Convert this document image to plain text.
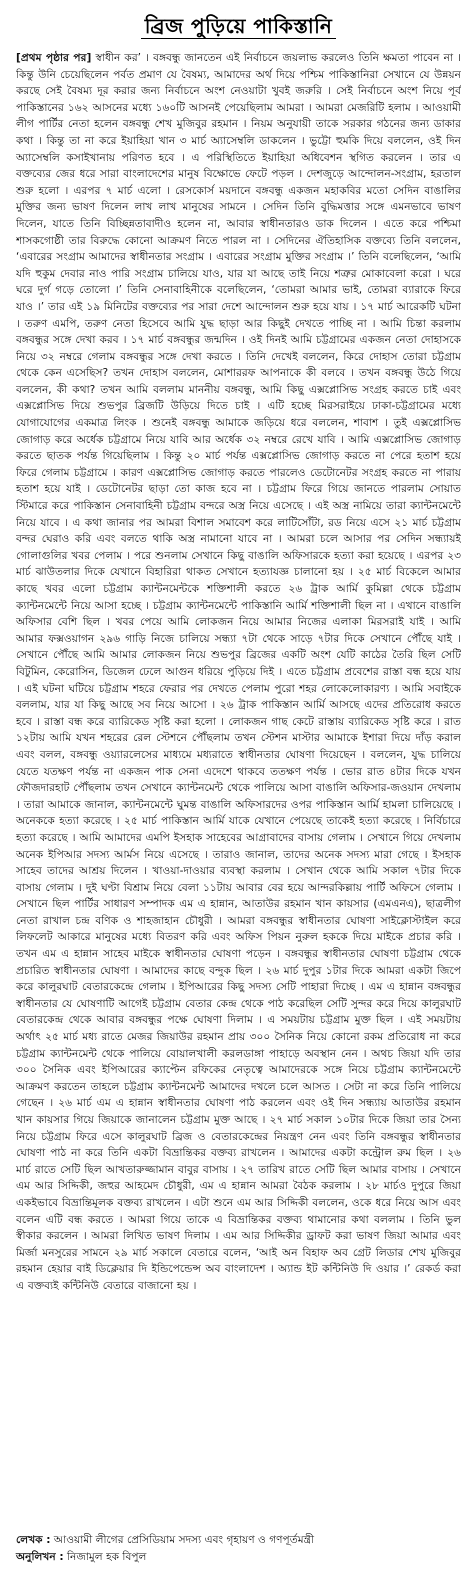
ব্রিজ পুড়িয়ে পাকিস্তানি

[প্রথম পৃষ্ঠার পর] স্বাধীন কর’ । বঙ্গবন্ধু জানতেন এই নির্বাচনে জয়লাভ করলেও তিনি ক্ষমতা পাবেন না । কিন্তু উনি চেয়েছিলেন পর্বত প্রমাণ যে বৈষম্য, আমাদের অর্থ দিয়ে পশ্চিম পাকিস্তানিরা সেখানে যে উন্নয়ন করছে সেই বৈষম্য দূর করার জন্য নির্বাচনে অংশ নেওয়াটা খুবই জরুরি । সেই নির্বাচনে অংশ নিয়ে পূর্ব পাকিস্তানের ১৬২ আসনের মধ্যে ১৬০টি আসনই পেয়েছিলাম আমরা । আমরা মেজরিটি হলাম । আওয়ামী লীগ পার্টির নেতা হলেন বঙ্গবন্ধু শেখ মুজিবুর রহমান । নিয়ম অনুযায়ী তাকে সরকার গঠনের জন্য ডাকার কথা । কিন্তু তা না করে ইয়াহিয়া খান ৩ মার্চ অ্যাসেম্বলি ডাকলেন । ভুট্টো হুমকি দিয়ে বললেন, ওই দিন অ্যাসেম্বলি কসাইখানায় পরিণত হবে । এ পরিস্থিতিতে ইয়াহিয়া অধিবেশন স্থগিত করলেন । তার এ বক্তব্যের জের ধরে সারা বাংলাদেশের মানুষ বিক্ষোভে ফেটে পড়ল । দেশজুড়ে আন্দোলন-সংগ্রাম, হরতাল শুরু হলো । এরপর ৭ মার্চ এলো । রেসকোর্স ময়দানে বঙ্গবন্ধু একজন মহাকবির মতো সেদিন বাঙালির মুক্তির জন্য ভাষণ দিলেন লাখ লাখ মানুষের সামনে । সেদিন তিনি বুদ্ধিমত্তার সঙ্গে এমনভাবে ভাষণ দিলেন, যাতে তিনি বিচ্ছিন্নতাবাদীও হলেন না, আবার স্বাধীনতারও ডাক দিলেন । এতে করে পশ্চিমা শাসকগোষ্ঠী তার বিরুদ্ধে কোনো আক্রমণ নিতে পারল না । সেদিনের ঐতিহাসিক বক্তব্যে তিনি বললেন, ‘এবারের সংগ্রাম আমাদের স্বাধীনতার সংগ্রাম । এবারের সংগ্রাম মুক্তির সংগ্রাম ।’ তিনি বলেছিলেন, ‘আমি যদি হুকুম দেবার নাও পারি সংগ্রাম চালিয়ে যাও, যার যা আছে তাই নিয়ে শত্রুর মোকাবেলা করো । ঘরে ঘরে দুর্গ গড়ে তোলো ।’ তিনি সেনাবাহিনীকে বলেছিলেন, ‘তোমরা আমার ভাই, তোমরা ব্যারাকে ফিরে যাও ।’ তার এই ১৯ মিনিটের বক্তব্যের পর সারা দেশে আন্দোলন শুরু হয়ে যায় । ১৭ মার্চ আরেকটি ঘটনা । তরুণ এমপি, তরুণ নেতা হিসেবে আমি যুদ্ধ ছাড়া আর কিছুই দেখতে পাচ্ছি না । আমি চিন্তা করলাম বঙ্গবন্ধুর সঙ্গে দেখা করব । ১৭ মার্চ বঙ্গবন্ধুর জন্মদিন । ওই দিনই আমি চট্টগ্রামের একজন নেতা দোহাসকে নিয়ে ৩২ নম্বরে গেলাম বঙ্গবন্ধুর সঙ্গে দেখা করতে । তিনি দেখেই বললেন, কিরে দোহাস তোরা চট্টগ্রাম থেকে কেন এসেছিস? তখন দোহাস বললেন, মোশাররফ আপনাকে কী বলবে । তখন বঙ্গবন্ধু উঠে গিয়ে বললেন, কী কথা? তখন আমি বললাম মাননীয় বঙ্গবন্ধু, আমি কিছু এক্সপ্লোসিভ সংগ্রহ করতে চাই এবং এক্সপ্লোসিভ দিয়ে শুভপুর ব্রিজটি উড়িয়ে দিতে চাই । এটি হচ্ছে মিরসরাইয়ে ঢাকা-চট্টগ্রামের মধ্যে যোগাযোগের একমাত্র লিংক । শুনেই বঙ্গবন্ধু আমাকে জড়িয়ে ধরে বললেন, শাবাশ । তুই এক্সপ্লোসিভ জোগাড় করে অর্ধেক চট্টগ্রামে নিয়ে যাবি আর অর্ধেক ৩২ নম্বরে রেখে যাবি । আমি এক্সপ্লোসিভ জোগাড় করতে ছাতক পর্যন্ত গিয়েছিলাম । কিন্তু ২০ মার্চ পর্যন্ত এক্সপ্লোসিভ জোগাড় করতে না পেরে হতাশ হয়ে ফিরে গেলাম চট্টগ্রামে । কারণ এক্সপ্লোসিভ জোগাড় করতে পারলেও ডেটোনেটর সংগ্রহ করতে না পারায় হতাশ হয়ে যাই । ডেটোনেটর ছাড়া তো কাজ হবে না । চট্টগ্রাম ফিরে গিয়ে জানতে পারলাম সোয়াত স্টিমারে করে পাকিস্তান সেনাবাহিনী চট্টগ্রাম বন্দরে অস্ত্র নিয়ে এসেছে । এই অস্ত্র নামিয়ে তারা ক্যান্টনমেন্টে নিয়ে যাবে । এ কথা জানার পর আমরা বিশাল সমাবেশ করে লাটিসোঁটা, রড নিয়ে এসে ২১ মার্চ চট্টগ্রাম বন্দর ঘেরাও করি এবং বলতে থাকি অস্ত্র নামানো যাবে না । আমরা চলে আসার পর সেদিন সন্ধ্যায়ই গোলাগুলির খবর পেলাম । পরে শুনলাম সেখানে কিছু বাঙালি অফিসারকে হত্যা করা হয়েছে । এরপর ২৩ মার্চ ঝাউতলার দিকে যেখানে বিহারিরা থাকত সেখানে হত্যাযজ্ঞ চালানো হয় । ২৫ মার্চ বিকেলে আমার কাছে খবর এলো চট্টগ্রাম ক্যান্টনমেন্টকে শক্তিশালী করতে ২৬ ট্রাক আর্মি কুমিল্লা থেকে চট্টগ্রাম ক্যান্টনমেন্টে নিয়ে আসা হচ্ছে । চট্টগ্রাম ক্যান্টনমেন্টে পাকিস্তানি আর্মি শক্তিশালী ছিল না । এখানে বাঙালি অফিসার বেশি ছিল । খবর পেয়ে আমি লোকজন নিয়ে আমার নিজের এলাকা মিরসরাই যাই । আমি আমার ফক্সওয়াগন ২৯৬ গাড়ি নিজে চালিয়ে সন্ধ্যা ৭টা থেকে সাড়ে ৭টার দিকে সেখানে পৌঁছে যাই । সেখানে পৌঁছে আমি আমার লোকজন নিয়ে শুভপুর ব্রিজের একটি অংশ যেটি কাঠের তৈরি ছিল সেটি বিটুমিন, কেরোসিন, ডিজেল ঢেলে আগুন ধরিয়ে পুড়িয়ে দিই । এতে চট্টগ্রাম প্রবেশের রাস্তা বন্ধ হয়ে যায় । এই ঘটনা ঘটিয়ে চট্টগ্রাম শহরে ফেরার পর দেখতে পেলাম পুরো শহর লোকেলোকারণ্য । আমি সবাইকে বললাম, যার যা কিছু আছে সব নিয়ে আসো । ২৬ ট্রাক পাকিস্তান আর্মি আসছে এদের প্রতিরোধ করতে হবে । রাস্তা বন্ধ করে ব্যারিকেড সৃষ্টি করা হলো । লোকজন গাছ কেটে রাস্তায় ব্যারিকেড সৃষ্টি করে । রাত ১২টায় আমি যখন শহরের রেল স্টেশনে পৌঁছলাম তখন স্টেশন মাস্টার আমাকে ইশারা দিয়ে দাঁড় করাল এবং বলল, বঙ্গবন্ধু ওয়্যারলেসের মাধ্যমে মধ্যরাতে স্বাধীনতার ঘোষণা দিয়েছেন । বললেন, যুদ্ধ চালিয়ে যেতে যতক্ষণ পর্যন্ত না একজন পাক সেনা এদেশে থাকবে ততক্ষণ পর্যন্ত । ভোর রাত ৪টার দিকে যখন ফৌজদারহাট পৌঁছলাম তখন সেখানে ক্যান্টনমেন্ট থেকে পালিয়ে আসা বাঙালি অফিসার-জওয়ান দেখলাম । তারা আমাকে জানাল, ক্যান্টনমেন্টে ঘুমন্ত বাঙালি অফিসারদের ওপর পাকিস্তান আর্মি হামলা চালিয়েছে । অনেককে হত্যা করেছে । ২৫ মার্চ পাকিস্তান আর্মি যাকে যেখানে পেয়েছে তাকেই হত্যা করেছে । নির্বিচারে হত্যা করেছে । আমি আমাদের এমপি ইসহাক সাহেবের আগ্রাবাদের বাসায় গেলাম । সেখানে গিয়ে দেখলাম অনেক ইপিআর সদস্য আর্মস নিয়ে এসেছে । তারাও জানাল, তাদের অনেক সদস্য মারা গেছে । ইসহাক সাহেব তাদের আশ্রয় দিলেন । খাওয়া-দাওয়ার ব্যবস্থা করলাম । সেখান থেকে আমি সকাল ৭টার দিকে বাসায় গেলাম । দুই ঘণ্টা বিশ্রাম নিয়ে বেলা ১১টায় আবার বের হয়ে আন্দরকিল্লায় পার্টি অফিসে গেলাম । সেখানে ছিল পার্টির সাধারণ সম্পাদক এম এ হান্নান, আতাউর রহমান খান কায়সার (এমএনএ), ছাত্রলীগ নেতা রাখাল চন্দ্র বণিক ও শাহজাহান চৌধুরী । আমরা বঙ্গবন্ধুর স্বাধীনতার ঘোষণা সাইক্লোস্টাইল করে লিফলেট আকারে মানুষের মধ্যে বিতরণ করি এবং অফিস পিয়ন নুরুল হককে দিয়ে মাইকে প্রচার করি । তখন এম এ হান্নান সাহেব মাইকে স্বাধীনতার ঘোষণা পড়েন । বঙ্গবন্ধুর স্বাধীনতার ঘোষণা চট্টগ্রাম থেকে প্রচারিত স্বাধীনতার ঘোষণা । আমাদের কাছে বন্দুক ছিল । ২৬ মার্চ দুপুর ১টার দিকে আমরা একটা জিপে করে কালুরঘাট বেতারকেন্দ্রে গেলাম । ইপিআরের কিছু সদস্য সেটি পাহারা দিচ্ছে । এম এ হান্নান বঙ্গবন্ধুর স্বাধীনতার যে ঘোষণাটি আগেই চট্টগ্রাম বেতার কেন্দ্র থেকে পাঠ করেছিল সেটি সুন্দর করে দিয়ে কালুরঘাট বেতারকেন্দ্র থেকে আবার বঙ্গবন্ধুর পক্ষে ঘোষণা দিলাম । এ সময়টায় চট্টগ্রাম মুক্ত ছিল । এই সময়টায় অর্থাৎ ২৫ মার্চ মধ্য রাতে মেজর জিয়াউর রহমান প্রায় ৩০০ সৈনিক নিয়ে কোনো রকম প্রতিরোধ না করে চট্টগ্রাম ক্যান্টনমেন্ট থেকে পালিয়ে বোয়ালখালী করলডাঙ্গা পাহাড়ে অবস্থান নেন । অথচ জিয়া যদি তার ৩০০ সৈনিক এবং ইপিআরের ক্যাপ্টেন রফিকের নেতৃত্বে আমাদেরকে সঙ্গে নিয়ে চট্টগ্রাম ক্যান্টনমেন্টে আক্রমণ করতেন তাহলে চট্টগ্রাম ক্যান্টনমেন্ট আমাদের দখলে চলে আসত । সেটা না করে তিনি পালিয়ে গেছেন । ২৬ মার্চ এম এ হান্নান স্বাধীনতার ঘোষণা পাঠ করলেন এবং ওই দিন সন্ধ্যায় আতাউর রহমান খান কায়সার গিয়ে জিয়াকে জানালেন চট্টগ্রাম মুক্ত আছে । ২৭ মার্চ সকাল ১০টার দিকে জিয়া তার সৈন্য নিয়ে চট্টগ্রাম ফিরে এসে কালুরঘাট ব্রিজ ও বেতারকেন্দ্রের নিয়ন্ত্রণ নেন এবং তিনি বঙ্গবন্ধুর স্বাধীনতার ঘোষণা পাঠ না করে তিনি একটা বিভ্রান্তিকর বক্তব্য রাখলেন । আমাদের একটা কন্ট্রোল রুম ছিল । ২৬ মার্চ রাতে সেটি ছিল আখতারুজ্জামান বাবুর বাসায় । ২৭ তারিখ রাতে সেটি ছিল আমার বাসায় । সেখানে এম আর সিদ্দিকী, জহুর আহমেদ চৌধুরী, এম এ হান্নান আমরা বৈঠক করলাম । ২৮ মার্চও দুপুরে জিয়া একইভাবে বিভ্রান্তিমূলক বক্তব্য রাখলেন । এটা শুনে এম আর সিদ্দিকী বললেন, ওকে ধরে নিয়ে আস এবং বলেন এটি বন্ধ করতে । আমরা গিয়ে তাকে এ বিভ্রান্তিকর বক্তব্য থামানোর কথা বললাম । তিনি ভুল স্বীকার করলেন । আমরা লিখিত ভাষণ দিলাম । এম আর সিদ্দিকীর ড্রাফট করা ভাষণ জিয়া আমার এবং মির্জা মনসুরের সামনে ২৯ মার্চ সকালে বেতারে বলেন, ‘আই অন বিহাফ অব গ্রেট লিডার শেখ মুজিবুর রহমান হেয়ার বাই ডিক্লেয়ার দি ইন্ডিপেন্ডেন্স অব বাংলাদেশ । অ্যান্ড ইট কন্টিনিউ দি ওয়ার ।’ রেকর্ড করা এ বক্তব্যই কন্টিনিউ বেতারে বাজানো হয় ।

লেখক : আওয়ামী লীগের প্রেসিডিয়াম সদস্য এবং গৃহায়ণ ও গণপূর্তমন্ত্রী
অনুলিখন : নিজামুল হক বিপুল
